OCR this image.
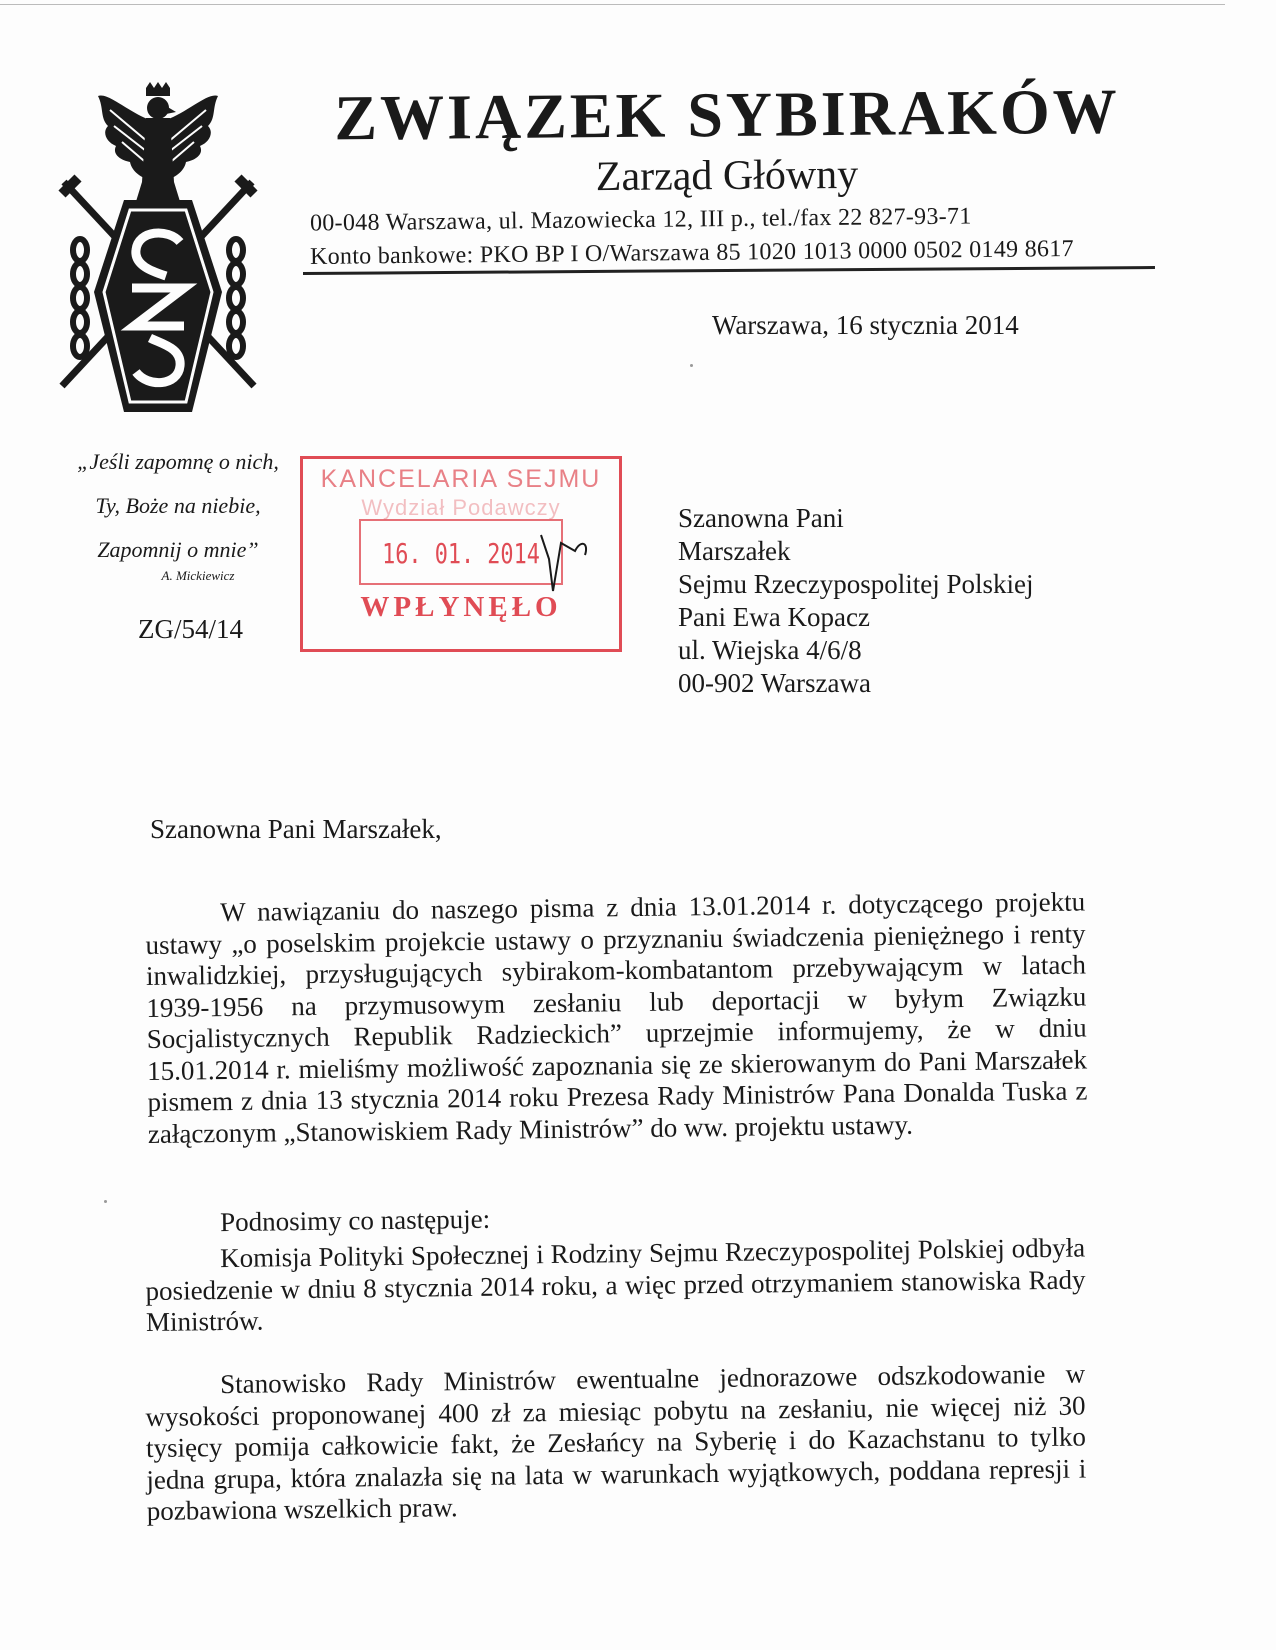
ZWIĄZEK SYBIRAKÓW
Zarząd Główny
00-048 Warszawa, ul. Mazowiecka 12, III p., tel./fax 22 827-93-71
Konto bankowe: PKO BP I O/Warszawa 85 1020 1013 0000 0502 0149 8617
Warszawa, 16 stycznia 2014
„Jeśli zapomnę o nich,
Ty, Boże na niebie,
Zapomnij o mnie”
A. Mickiewicz
ZG/54/14
KANCELARIA SEJMU
Wydział Podawczy
16. 01. 2014
WPŁYNĘŁO
Szanowna Pani
Marszałek
Sejmu Rzeczypospolitej Polskiej
Pani Ewa Kopacz
ul. Wiejska 4/6/8
00-902 Warszawa
Szanowna Pani Marszałek,
W nawiązaniu do naszego pisma z dnia 13.01.2014 r. dotyczącego projektu ustawy „o poselskim projekcie ustawy o przyznaniu świadczenia pieniężnego i renty inwalidzkiej, przysługujących sybirakom-kombatantom przebywającym w latach 1939-1956 na przymusowym zesłaniu lub deportacji w byłym Związku Socjalistycznych Republik Radzieckich” uprzejmie informujemy, że w dniu 15.01.2014 r. mieliśmy możliwość zapoznania się ze skierowanym do Pani Marszałek pismem z dnia 13 stycznia 2014 roku Prezesa Rady Ministrów Pana Donalda Tuska z załączonym „Stanowiskiem Rady Ministrów” do ww. projektu ustawy.
Podnosimy co następuje:
Komisja Polityki Społecznej i Rodziny Sejmu Rzeczypospolitej Polskiej odbyła posiedzenie w dniu 8 stycznia 2014 roku, a więc przed otrzymaniem stanowiska Rady Ministrów.
Stanowisko Rady Ministrów ewentualne jednorazowe odszkodowanie w wysokości proponowanej 400 zł za miesiąc pobytu na zesłaniu, nie więcej niż 30 tysięcy pomija całkowicie fakt, że Zesłańcy na Syberię i do Kazachstanu to tylko jedna grupa, która znalazła się na lata w warunkach wyjątkowych, poddana represji i pozbawiona wszelkich praw.
